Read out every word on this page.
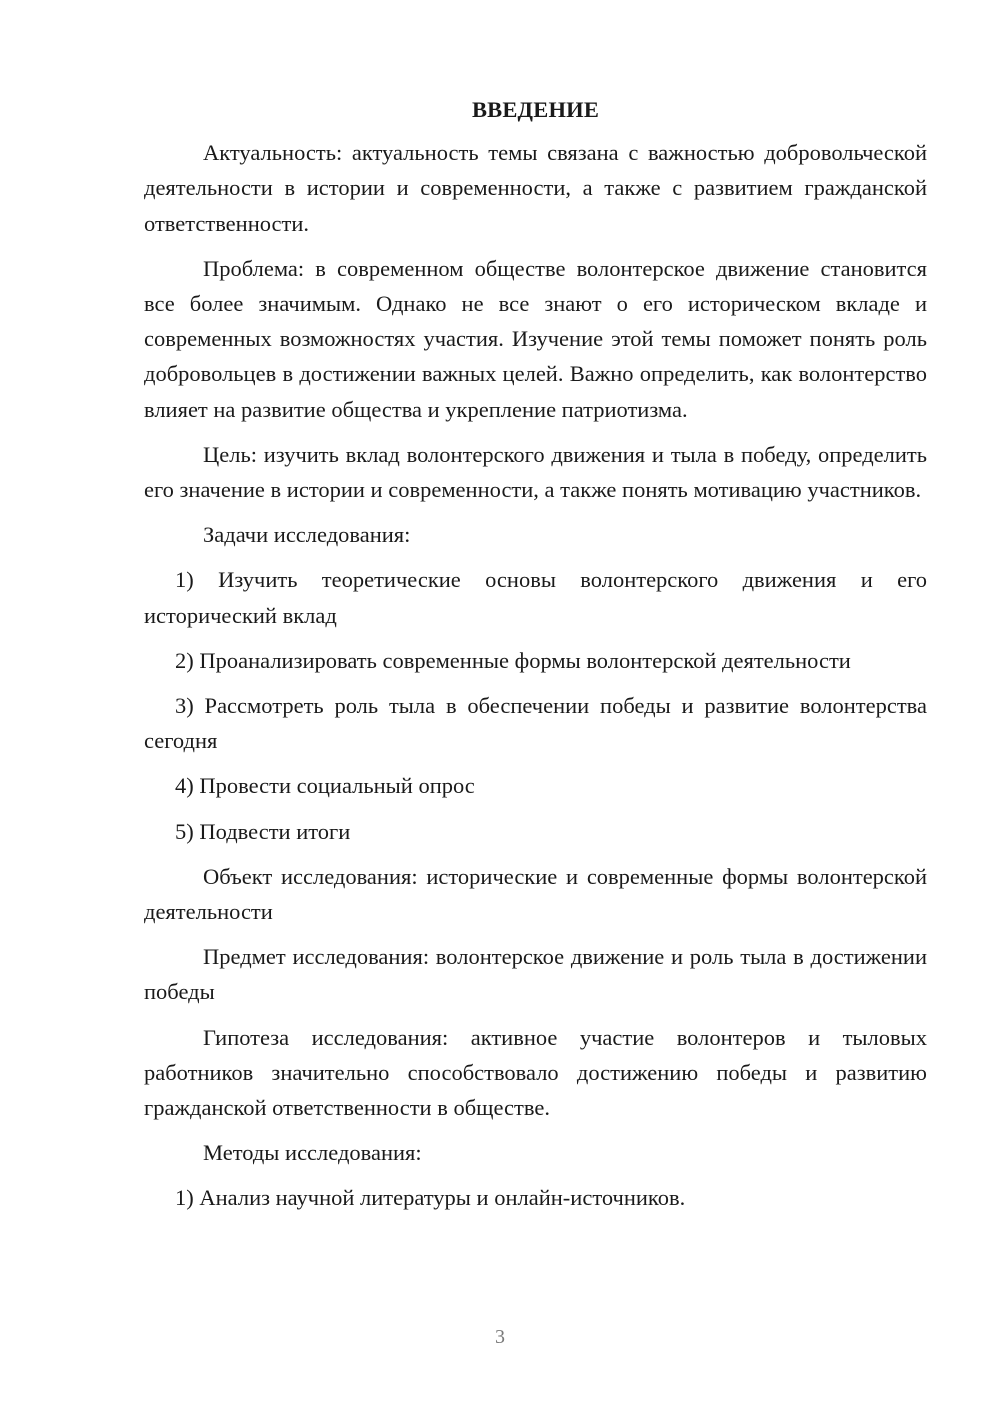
ВВЕДЕНИЕ
Актуальность: актуальность темы связана с важностью добровольческой деятельности в истории и современности, а также с развитием гражданской ответственности.
Проблема: в современном обществе волонтерское движение становится все более значимым. Однако не все знают о его историческом вкладе и современных возможностях участия. Изучение этой темы поможет понять роль добровольцев в достижении важных целей. Важно определить, как волонтерство влияет на развитие общества и укрепление патриотизма.
Цель: изучить вклад волонтерского движения и тыла в победу, определить его значение в истории и современности, а также понять мотивацию участников.
Задачи исследования:
1) Изучить теоретические основы волонтерского движения и его исторический вклад
2) Проанализировать современные формы волонтерской деятельности
3) Рассмотреть роль тыла в обеспечении победы и развитие волонтерства сегодня
4) Провести социальный опрос
5) Подвести итоги
Объект исследования: исторические и современные формы волонтерской деятельности
Предмет исследования: волонтерское движение и роль тыла в достижении победы
Гипотеза исследования: активное участие волонтеров и тыловых работников значительно способствовало достижению победы и развитию гражданской ответственности в обществе.
Методы исследования:
1) Анализ научной литературы и онлайн-источников.
3
